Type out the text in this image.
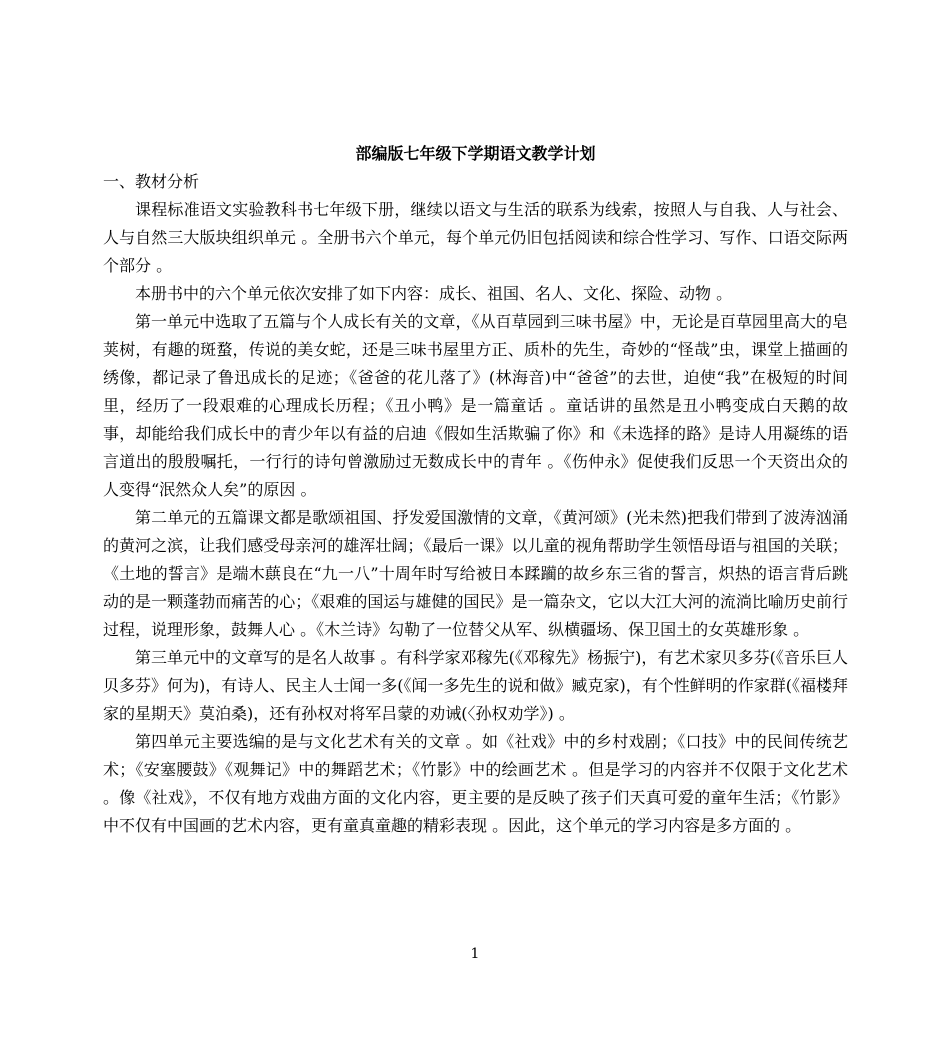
部编版七年级下学期语文教学计划

一、教材分析

课程标准语文实验教科书七年级下册，继续以语文与生活的联系为线索，按照人与自我、人与社会、人与自然三大版块组织单元 。全册书六个单元，每个单元仍旧包括阅读和综合性学习、写作、口语交际两个部分 。

本册书中的六个单元依次安排了如下内容：成长、祖国、名人、文化、探险、动物 。

第一单元中选取了五篇与个人成长有关的文章，《从百草园到三味书屋》中，无论是百草园里高大的皂荚树，有趣的斑蝥，传说的美女蛇，还是三味书屋里方正、质朴的先生，奇妙的“怪哉”虫，课堂上描画的绣像，都记录了鲁迅成长的足迹；《爸爸的花儿落了》(林海音)中“爸爸”的去世，迫使“我”在极短的时间里，经历了一段艰难的心理成长历程；《丑小鸭》是一篇童话 。童话讲的虽然是丑小鸭变成白天鹅的故事，却能给我们成长中的青少年以有益的启迪《假如生活欺骗了你》和《未选择的路》是诗人用凝练的语言道出的殷殷嘱托，一行行的诗句曾激励过无数成长中的青年 。《伤仲永》促使我们反思一个天资出众的人变得“泯然众人矣”的原因 。

第二单元的五篇课文都是歌颂祖国、抒发爱国激情的文章，《黄河颂》(光未然)把我们带到了波涛汹涌的黄河之滨，让我们感受母亲河的雄浑壮阔；《最后一课》以儿童的视角帮助学生领悟母语与祖国的关联；《土地的誓言》是端木蕻良在“九一八”十周年时写给被日本蹂躏的故乡东三省的誓言，炽热的语言背后跳动的是一颗蓬勃而痛苦的心；《艰难的国运与雄健的国民》是一篇杂文，它以大江大河的流淌比喻历史前行过程，说理形象，鼓舞人心 。《木兰诗》勾勒了一位替父从军、纵横疆场、保卫国土的女英雄形象 。

第三单元中的文章写的是名人故事 。有科学家邓稼先(《邓稼先》杨振宁)，有艺术家贝多芬(《音乐巨人贝多芬》何为)，有诗人、民主人士闻一多(《闻一多先生的说和做》臧克家)，有个性鲜明的作家群(《福楼拜家的星期天》莫泊桑)，还有孙权对将军吕蒙的劝诫(〈孙权劝学》) 。

第四单元主要选编的是与文化艺术有关的文章 。如《社戏》中的乡村戏剧；《口技》中的民间传统艺术；《安塞腰鼓》《观舞记》中的舞蹈艺术；《竹影》中的绘画艺术 。但是学习的内容并不仅限于文化艺术 。像《社戏》，不仅有地方戏曲方面的文化内容，更主要的是反映了孩子们天真可爱的童年生活；《竹影》中不仅有中国画的艺术内容，更有童真童趣的精彩表现 。因此，这个单元的学习内容是多方面的 。

1
